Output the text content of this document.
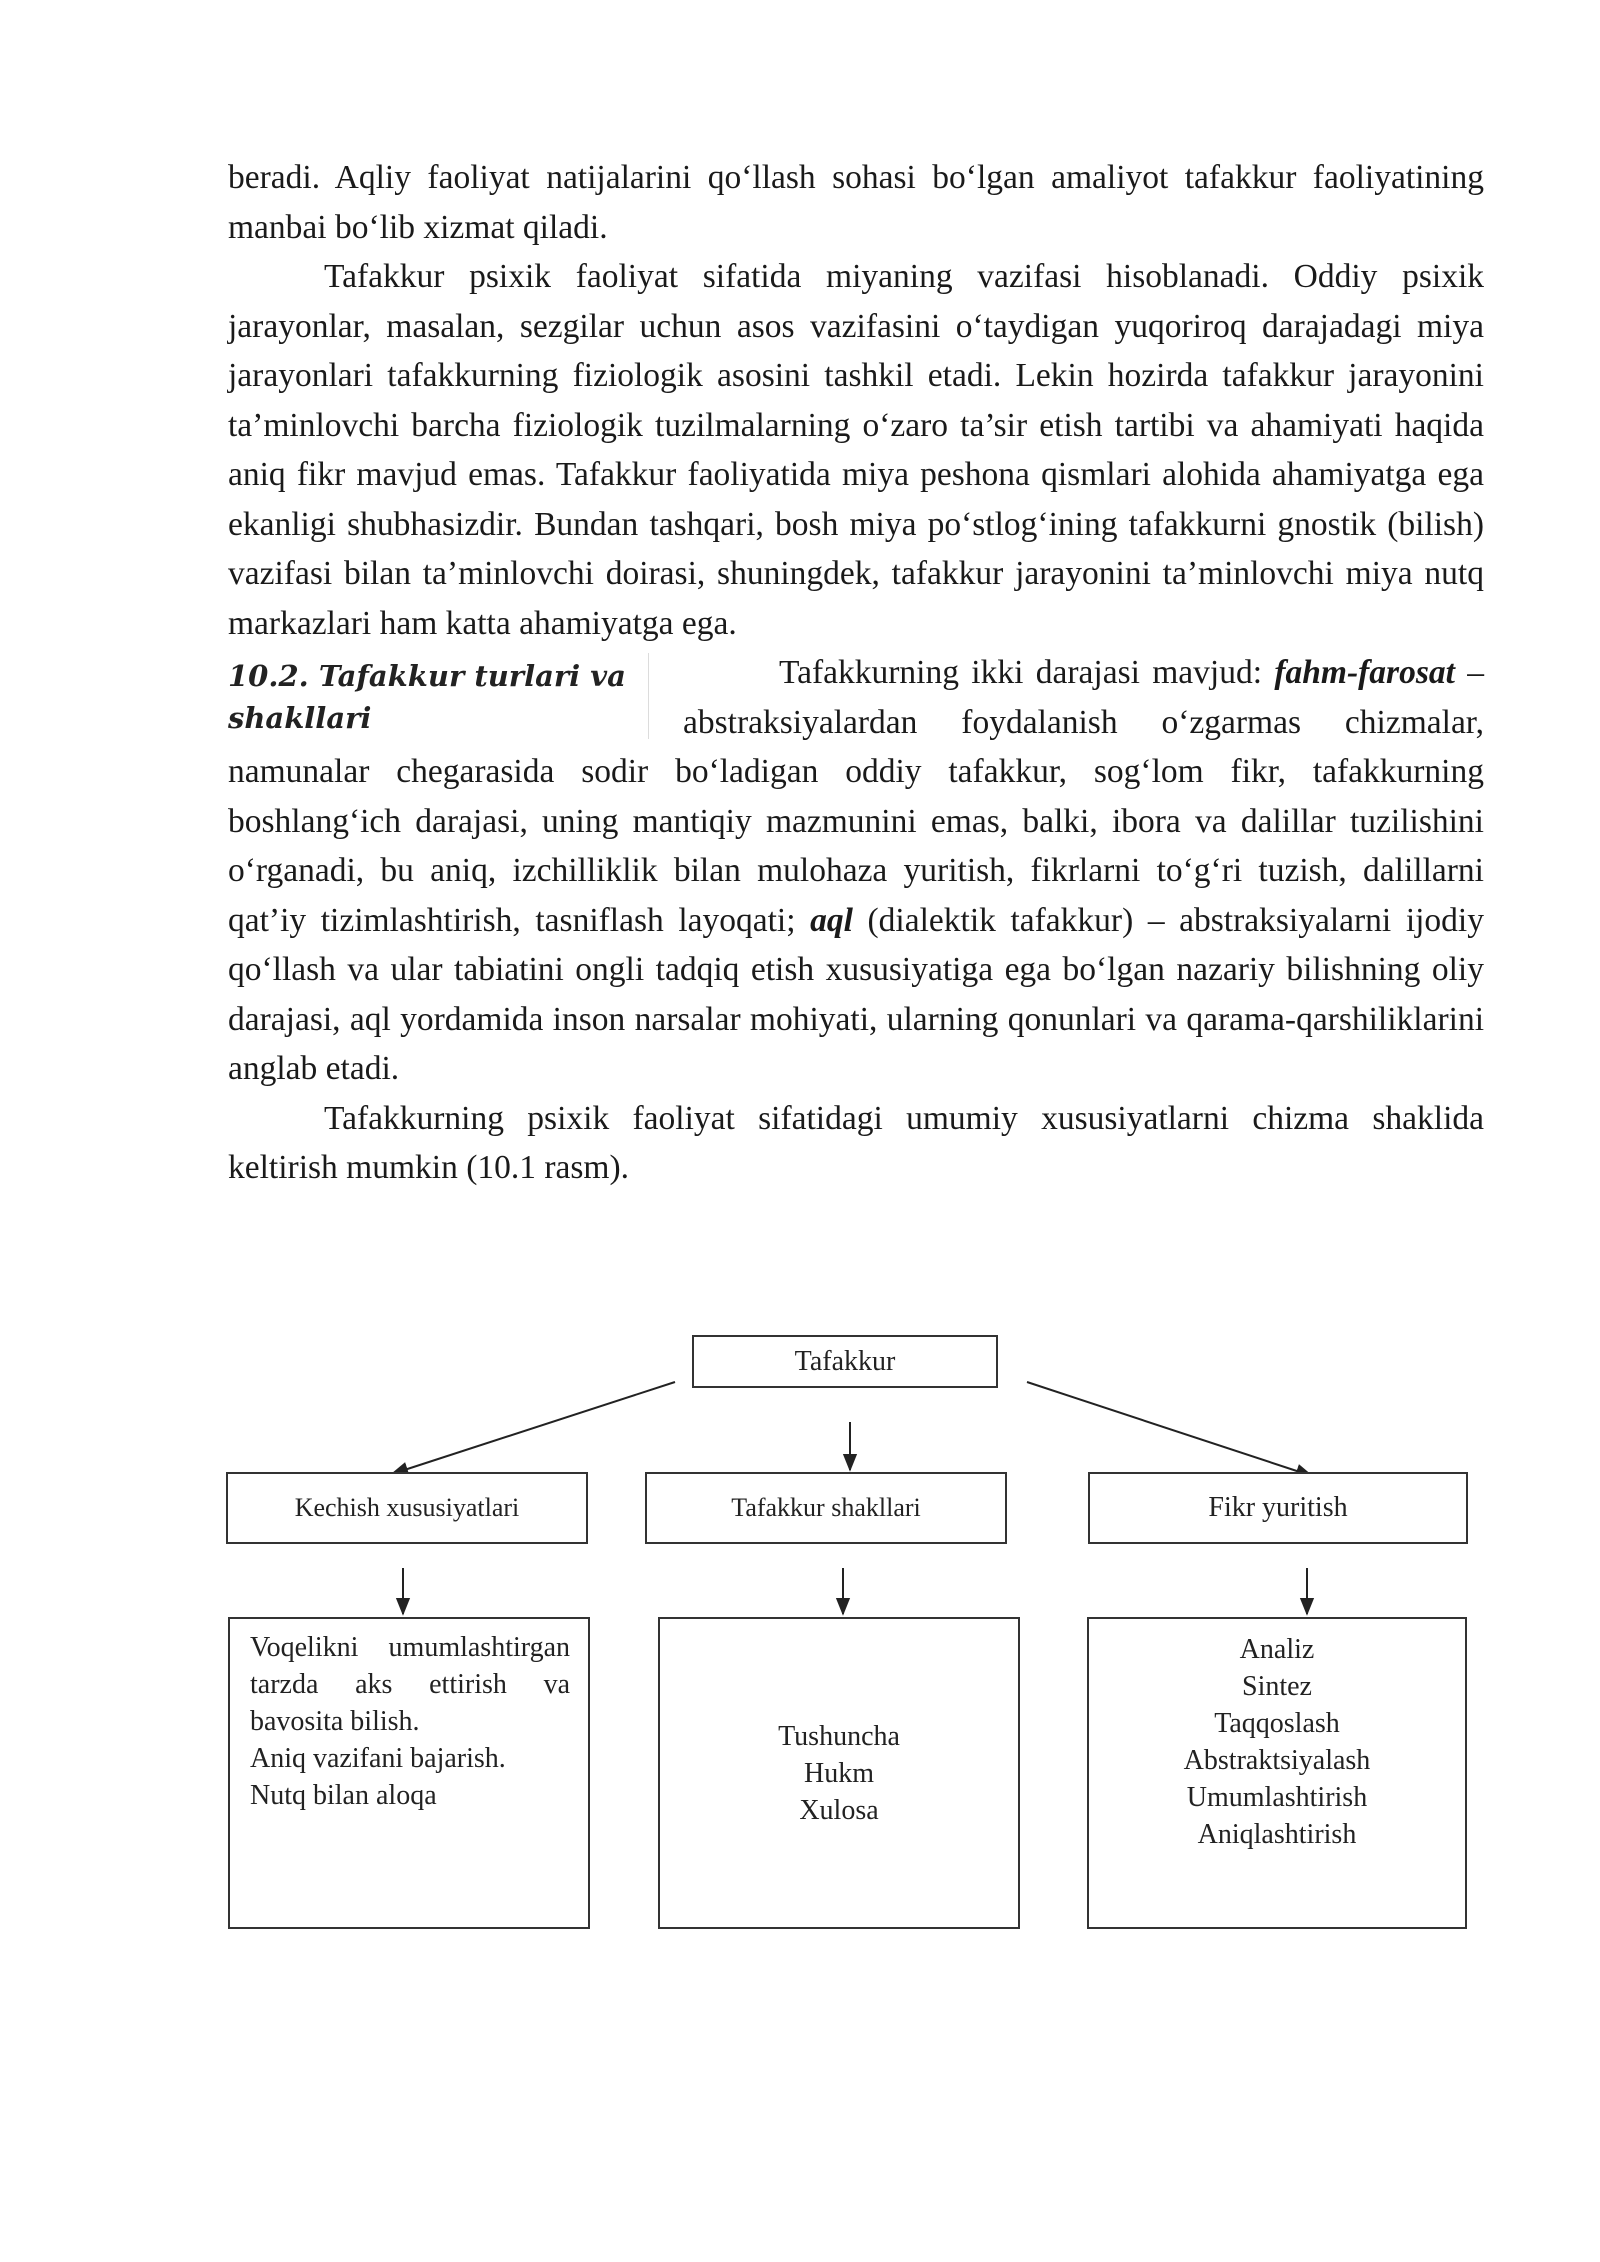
beradi. Aqliy faoliyat natijalarini qo‘llash sohasi bo‘lgan amaliyot tafakkur faoliyatining manbai bo‘lib xizmat qiladi.

Tafakkur psixik faoliyat sifatida miyaning vazifasi hisoblanadi. Oddiy psixik jarayonlar, masalan, sezgilar uchun asos vazifasini o‘taydigan yuqoriroq darajadagi miya jarayonlari tafakkurning fiziologik asosini tashkil etadi. Lekin hozirda tafakkur jarayonini ta’minlovchi barcha fiziologik tuzilmalarning o‘zaro ta’sir etish tartibi va ahamiyati haqida aniq fikr mavjud emas. Tafakkur faoliyatida miya peshona qismlari alohida ahamiyatga ega ekanligi shubhasizdir. Bundan tashqari, bosh miya po‘stlog‘ining tafakkurni gnostik (bilish) vazifasi bilan ta’minlovchi doirasi, shuningdek, tafakkur jarayonini ta’minlovchi miya nutq markazlari ham katta ahamiyatga ega.

10.2. Tafakkur turlari va shakllari

Tafakkurning ikki darajasi mavjud: fahm-farosat – abstraksiyalardan foydalanish o‘zgarmas chizmalar, namunalar chegarasida sodir bo‘ladigan oddiy tafakkur, sog‘lom fikr, tafakkurning boshlang‘ich darajasi, uning mantiqiy mazmunini emas, balki, ibora va dalillar tuzilishini o‘rganadi, bu aniq, izchilliklik bilan mulohaza yuritish, fikrlarni to‘g‘ri tuzish, dalillarni qat’iy tizimlashtirish, tasniflash layoqati; aql (dialektik tafakkur) – abstraksiyalarni ijodiy qo‘llash va ular tabiatini ongli tadqiq etish xususiyatiga ega bo‘lgan nazariy bilishning oliy darajasi, aql yordamida inson narsalar mohiyati, ularning qonunlari va qarama-qarshiliklarini anglab etadi.

Tafakkurning psixik faoliyat sifatidagi umumiy xususiyatlarni chizma shaklida keltirish mumkin (10.1 rasm).

Tafakkur
Kechish xususiyatlari	Tafakkur shakllari	Fikr yuritish
Voqelikni umumlashtirgan tarzda aks ettirish va bavosita bilish.
Aniq vazifani bajarish.
Nutq bilan aloqa
Tushuncha
Hukm
Xulosa
Analiz
Sintez
Taqqoslash
Abstraktsiyalash
Umumlashtirish
Aniqlashtirish
